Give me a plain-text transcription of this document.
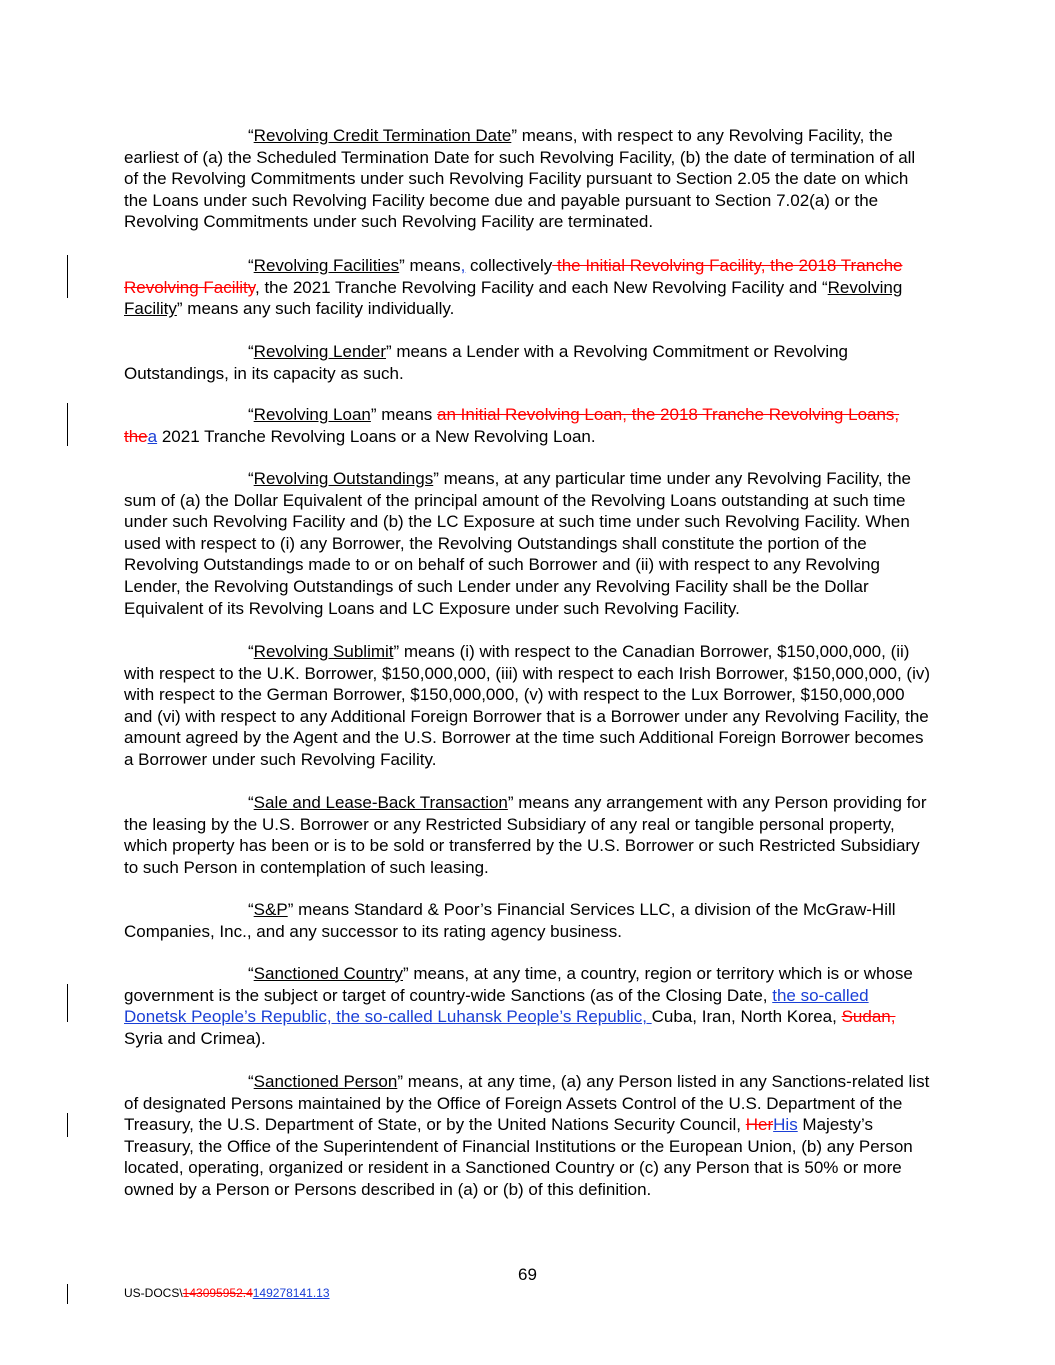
“Revolving Credit Termination Date” means, with respect to any Revolving Facility, the earliest of (a) the Scheduled Termination Date for such Revolving Facility, (b) the date of termination of all of the Revolving Commitments under such Revolving Facility pursuant to Section 2.05 the date on which the Loans under such Revolving Facility become due and payable pursuant to Section 7.02(a) or the Revolving Commitments under such Revolving Facility are terminated.

“Revolving Facilities” means, collectively the Initial Revolving Facility, the 2018 Tranche Revolving Facility, the 2021 Tranche Revolving Facility and each New Revolving Facility and “Revolving Facility” means any such facility individually.

“Revolving Lender” means a Lender with a Revolving Commitment or Revolving Outstandings, in its capacity as such.

“Revolving Loan” means an Initial Revolving Loan, the 2018 Tranche Revolving Loans, thea 2021 Tranche Revolving Loans or a New Revolving Loan.

“Revolving Outstandings” means, at any particular time under any Revolving Facility, the sum of (a) the Dollar Equivalent of the principal amount of the Revolving Loans outstanding at such time under such Revolving Facility and (b) the LC Exposure at such time under such Revolving Facility. When used with respect to (i) any Borrower, the Revolving Outstandings shall constitute the portion of the Revolving Outstandings made to or on behalf of such Borrower and (ii) with respect to any Revolving Lender, the Revolving Outstandings of such Lender under any Revolving Facility shall be the Dollar Equivalent of its Revolving Loans and LC Exposure under such Revolving Facility.

“Revolving Sublimit” means (i) with respect to the Canadian Borrower, $150,000,000, (ii) with respect to the U.K. Borrower, $150,000,000, (iii) with respect to each Irish Borrower, $150,000,000, (iv) with respect to the German Borrower, $150,000,000, (v) with respect to the Lux Borrower, $150,000,000 and (vi) with respect to any Additional Foreign Borrower that is a Borrower under any Revolving Facility, the amount agreed by the Agent and the U.S. Borrower at the time such Additional Foreign Borrower becomes a Borrower under such Revolving Facility.

“Sale and Lease-Back Transaction” means any arrangement with any Person providing for the leasing by the U.S. Borrower or any Restricted Subsidiary of any real or tangible personal property, which property has been or is to be sold or transferred by the U.S. Borrower or such Restricted Subsidiary to such Person in contemplation of such leasing.

“S&P” means Standard & Poor’s Financial Services LLC, a division of the McGraw-Hill Companies, Inc., and any successor to its rating agency business.

“Sanctioned Country” means, at any time, a country, region or territory which is or whose government is the subject or target of country-wide Sanctions (as of the Closing Date, the so-called Donetsk People’s Republic, the so-called Luhansk People’s Republic, Cuba, Iran, North Korea, Sudan, Syria and Crimea).

“Sanctioned Person” means, at any time, (a) any Person listed in any Sanctions-related list of designated Persons maintained by the Office of Foreign Assets Control of the U.S. Department of the Treasury, the U.S. Department of State, or by the United Nations Security Council, HerHis Majesty’s Treasury, the Office of the Superintendent of Financial Institutions or the European Union, (b) any Person located, operating, organized or resident in a Sanctioned Country or (c) any Person that is 50% or more owned by a Person or Persons described in (a) or (b) of this definition.

69
US-DOCS\143095952.4149278141.13
